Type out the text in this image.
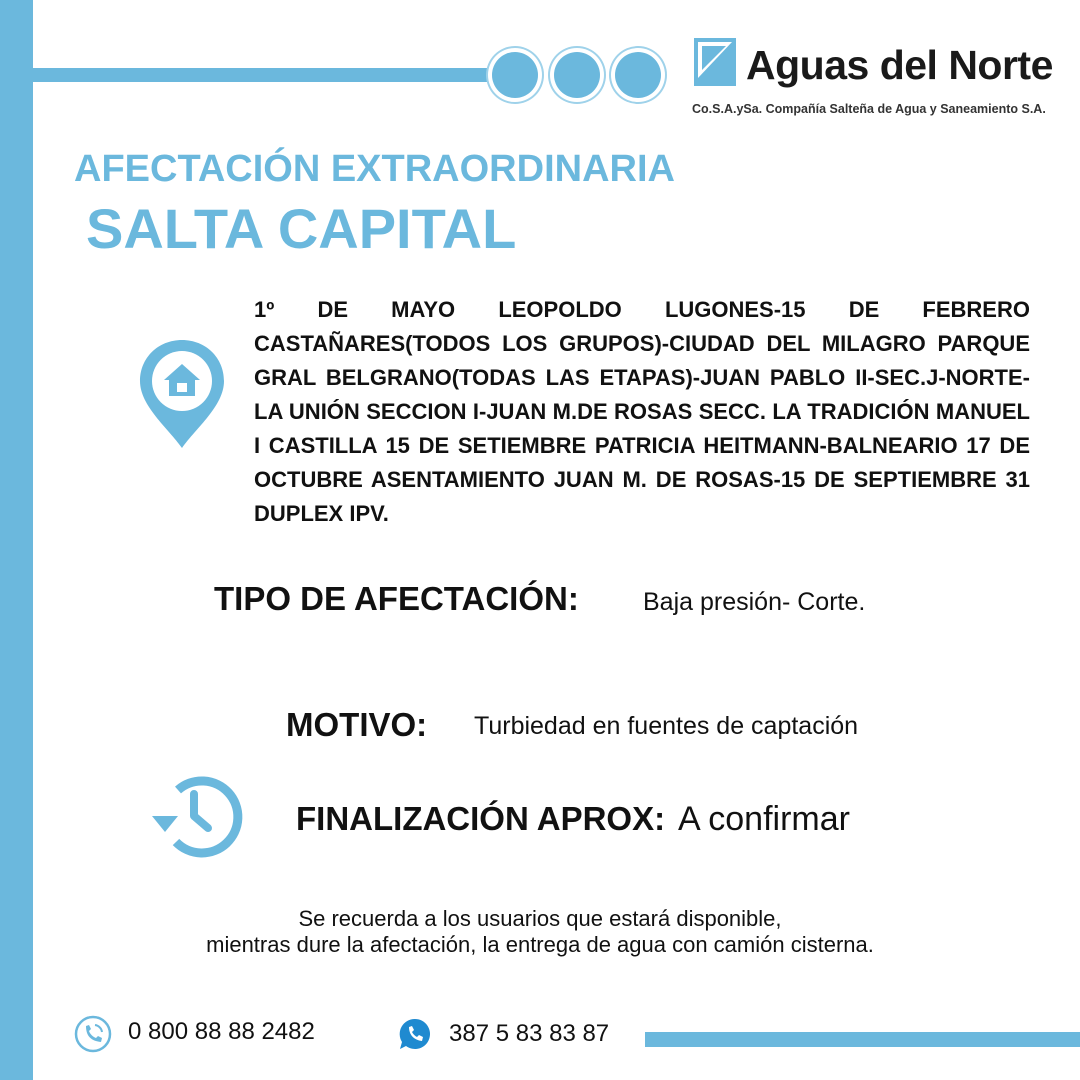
Aguas del Norte
Co.S.A.ySa. Compañía Salteña de Agua y Saneamiento S.A.
AFECTACIÓN EXTRAORDINARIA
SALTA CAPITAL
1º DE MAYO LEOPOLDO LUGONES-15 DE FEBRERO CASTAÑARES(TODOS LOS GRUPOS)-CIUDAD DEL MILAGRO PARQUE GRAL BELGRANO(TODAS LAS ETAPAS)-JUAN PABLO II-SEC.J-NORTE-LA UNIÓN SECCION I-JUAN M.DE ROSAS SECC. LA TRADICIÓN MANUEL I CASTILLA 15 DE SETIEMBRE PATRICIA HEITMANN-BALNEARIO 17 DE OCTUBRE ASENTAMIENTO JUAN M. DE ROSAS-15 DE SEPTIEMBRE 31 DUPLEX IPV.
TIPO DE AFECTACIÓN:	Baja presión- Corte.
MOTIVO: Turbiedad en fuentes de captación
FINALIZACIÓN APROX: A confirmar
Se recuerda a los usuarios que estará disponible,
mientras dure la afectación, la entrega de agua con camión cisterna.
0 800 88 88 2482	387 5 83 83 87
